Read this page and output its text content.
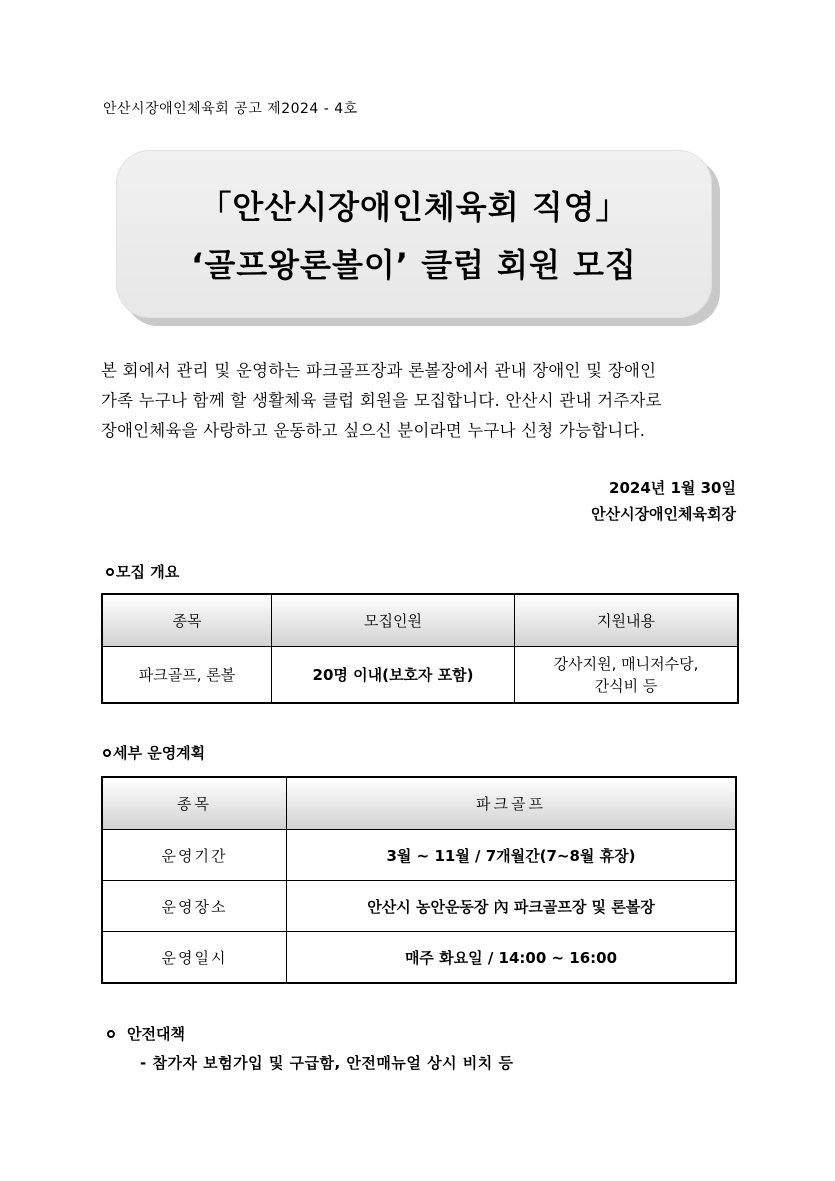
안산시장애인체육회 공고 제2024 - 4호
「안산시장애인체육회 직영」
‘골프왕론볼이’ 클럽 회원 모집
본 회에서 관리 및 운영하는 파크골프장과 론볼장에서 관내 장애인 및 장애인
가족 누구나 함께 할 생활체육 클럽 회원을 모집합니다. 안산시 관내 거주자로
장애인체육을 사랑하고 운동하고 싶으신 분이라면 누구나 신청 가능합니다.
2024년 1월 30일
안산시장애인체육회장
모집 개요
종목	모집인원	지원내용
파크골프, 론볼	20명 이내(보호자 포함)	강사지원, 매니저수당,
간식비 등
세부 운영계획
종목	파크골프
운영기간	3월 ~ 11월 / 7개월간(7~8월 휴장)
운영장소	안산시 농안운동장 內 파크골프장 및 론볼장
운영일시	매주 화요일 / 14:00 ~ 16:00
안전대책
- 참가자 보험가입 및 구급함, 안전매뉴얼 상시 비치 등
